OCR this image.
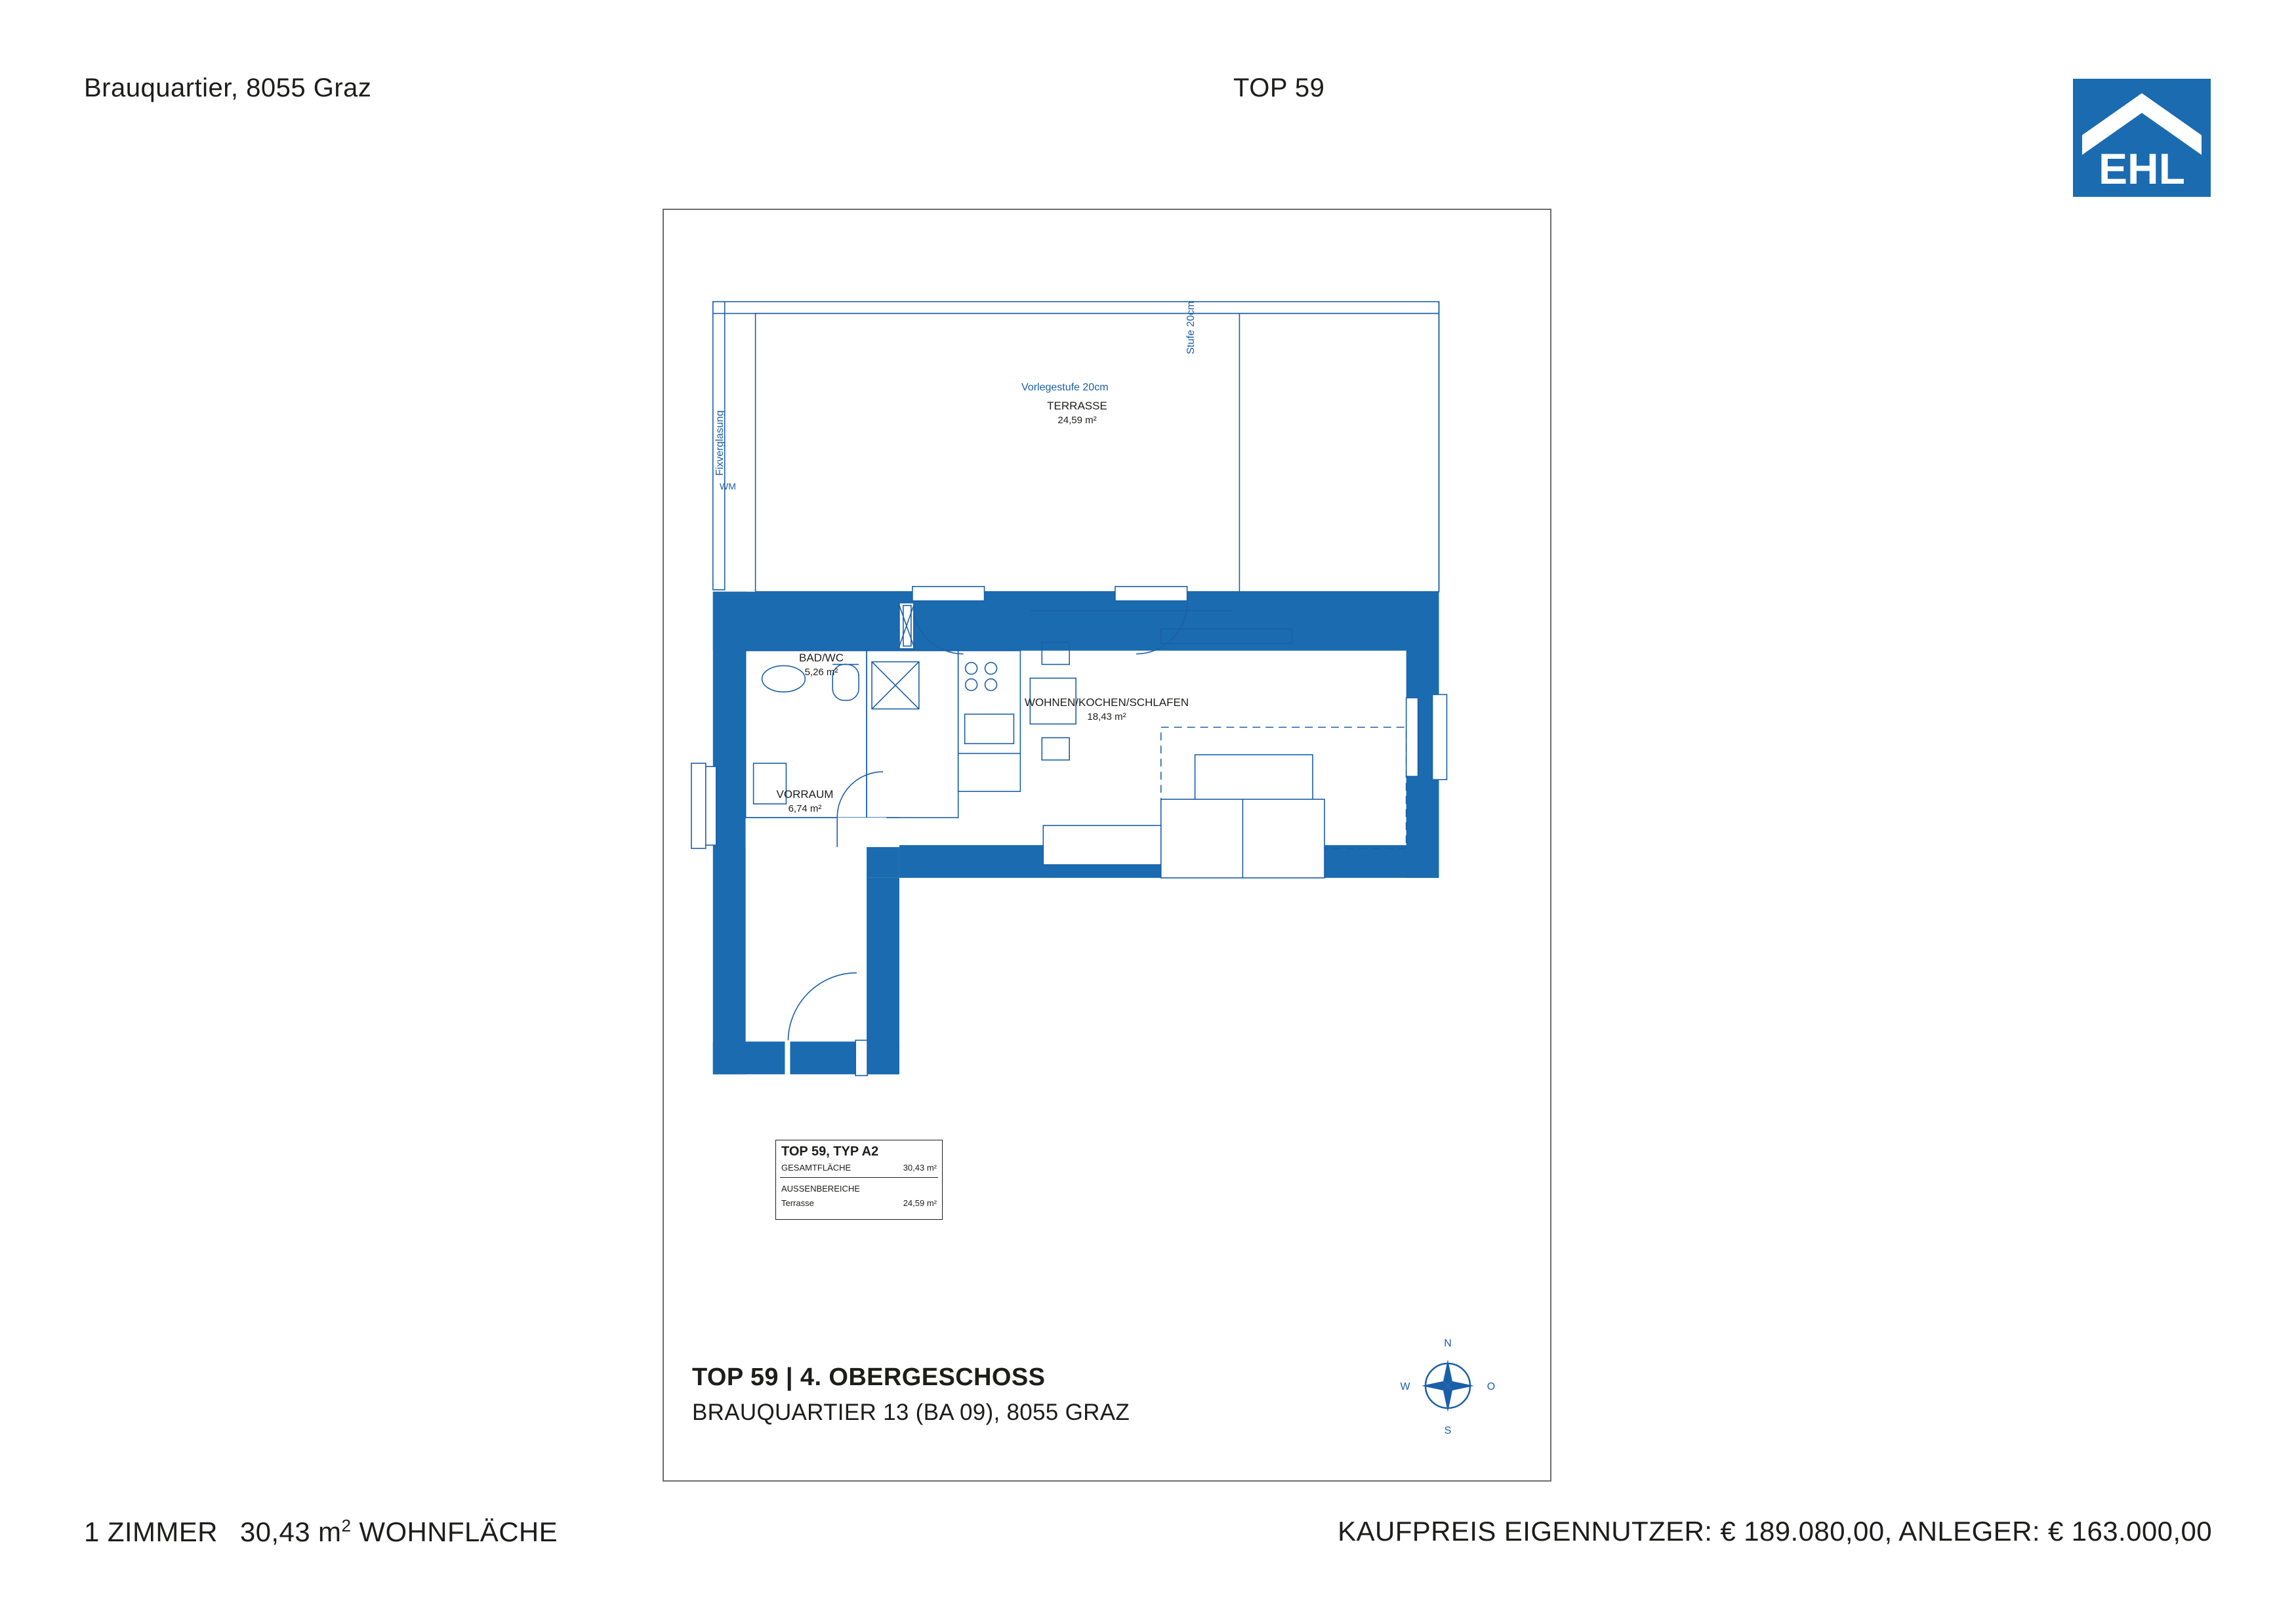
Brauquartier, 8055 Graz	TOP 59
EHL
TERRASSE
24,59 m²
BAD/WC
5,26 m²
WOHNEN/KOCHEN/SCHLAFEN
18,43 m²
VORRAUM
6,74 m²
Vorlegestufe 20cm
Stufe 20cm
Fixverglasung
WM
TOP 59, TYP A2
GESAMTFLÄCHE	30,43 m²
AUSSENBEREICHE
Terrasse	24,59 m²
TOP 59 | 4. OBERGESCHOSS
BRAUQUARTIER 13 (BA 09), 8055 GRAZ
N
O
S
W
1 ZIMMER 30,43 $m^2$ WOHNFLÄCHE	KAUFPREIS EIGENNUTZER: € 189.080,00, ANLEGER: € 163.000,00
